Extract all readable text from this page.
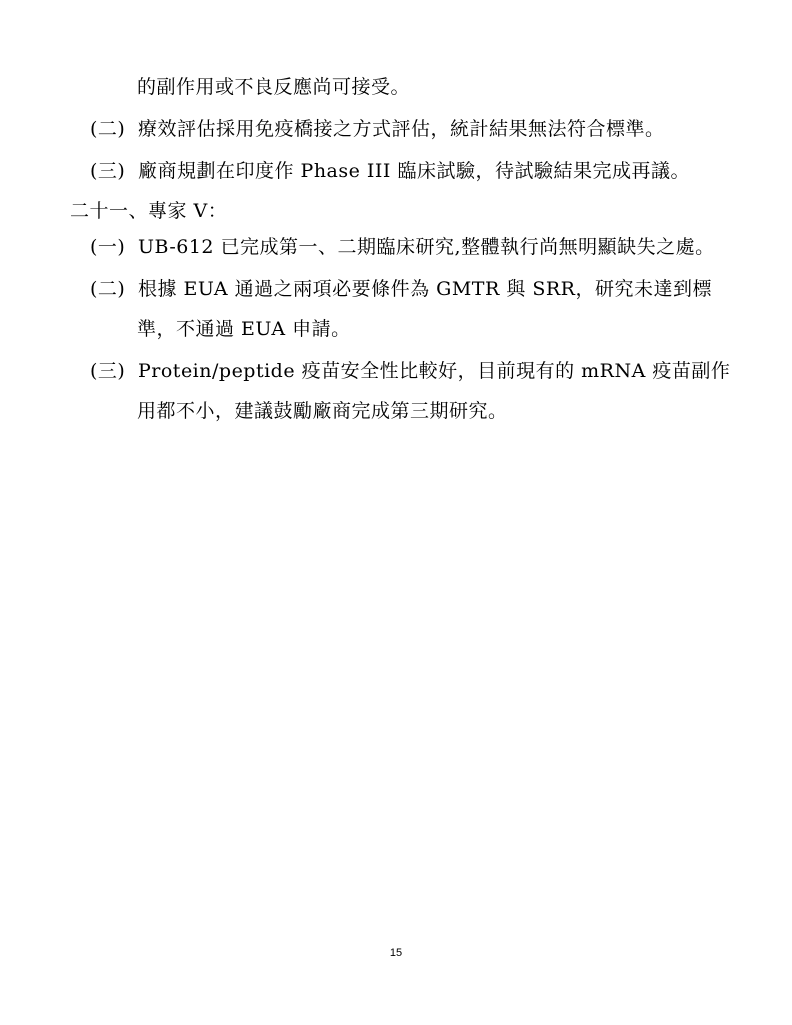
的副作用或不良反應尚可接受。
(二) 療效評估採用免疫橋接之方式評估，統計結果無法符合標準。
(三) 廠商規劃在印度作 Phase III 臨床試驗，待試驗結果完成再議。
二十一、專家 V：
(一) UB-612 已完成第一、二期臨床研究,整體執行尚無明顯缺失之處。
(二) 根據 EUA 通過之兩項必要條件為 GMTR 與 SRR，研究未達到標
準，不通過 EUA 申請。
(三) Protein/peptide 疫苗安全性比較好，目前現有的 mRNA 疫苗副作
用都不小，建議鼓勵廠商完成第三期研究。
15
